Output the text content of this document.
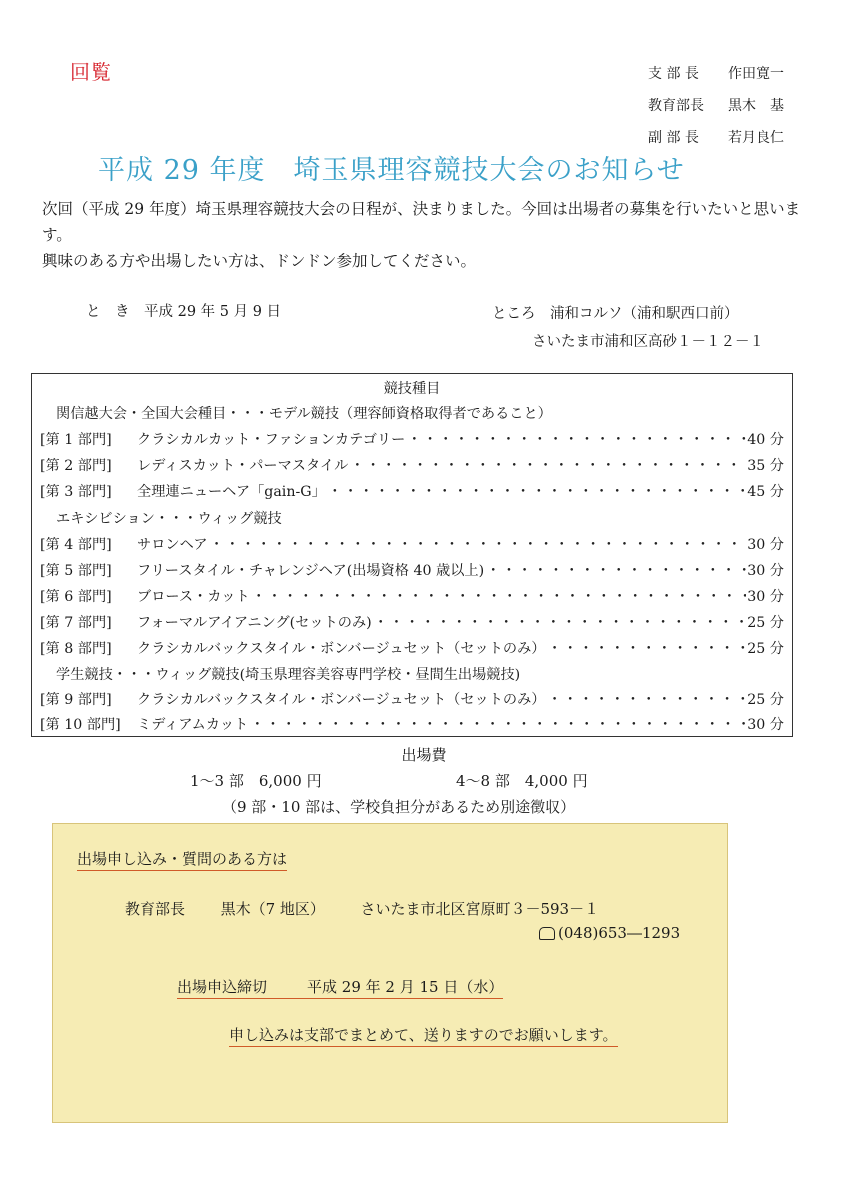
回覧	支 部 長	作田寛一
教育部長	黒木　基
副 部 長	若月良仁
平成 29 年度　埼玉県理容競技大会のお知らせ

次回（平成 29 年度）埼玉県理容競技大会の日程が、決まりました。今回は出場者の募集を行いたいと思います。

興味のある方や出場したい方は、ドンドン参加してください。

と　き　 平成 29 年 5 月 9 日	ところ　 浦和コルソ（浦和駅西口前）
さいたま市浦和区高砂１－１２－１
競技種目
関信越大会・全国大会種目・・・モデル競技（理容師資格取得者であること）
[第 1 部門]	クラシカルカット・ファションカテゴリー ・・・・・・・・・・・・・・・・・・・・・・・・・・・・・・・・・・・・・・・・・・・・・・・・・・・・・・・・	40 分
[第 2 部門]	レディスカット・パーマスタイル ・・・・・・・・・・・・・・・・・・・・・・・・・・・・・・・・・・・・・・・・・・・・・・・・・・・・・・・・	35 分
[第 3 部門]	全理連ニューヘア「gain-G」 ・・・・・・・・・・・・・・・・・・・・・・・・・・・・・・・・・・・・・・・・・・・・・・・・・・・・・・・・	45 分
エキシビション・・・ウィッグ競技
[第 4 部門]	サロンヘア ・・・・・・・・・・・・・・・・・・・・・・・・・・・・・・・・・・・・・・・・・・・・・・・・・・・・・・・・	30 分
[第 5 部門]	フリースタイル・チャレンジヘア(出場資格 40 歳以上) ・・・・・・・・・・・・・・・・・・・・・・・・・・・・・・・・・・・・・・・・・・・・・・・・・・・・・・・・	30 分
[第 6 部門]	ブロース・カット ・・・・・・・・・・・・・・・・・・・・・・・・・・・・・・・・・・・・・・・・・・・・・・・・・・・・・・・・	30 分
[第 7 部門]	フォーマルアイアニング(セットのみ) ・・・・・・・・・・・・・・・・・・・・・・・・・・・・・・・・・・・・・・・・・・・・・・・・・・・・・・・・	25 分
[第 8 部門]	クラシカルバックスタイル・ボンバージュセット（セットのみ） ・・・・・・・・・・・・・・・・・・・・・・・・・・・・・・・・・・・・・・・・・・・・・・・・・・・・・・・・	25 分
学生競技・・・ウィッグ競技(埼玉県理容美容専門学校・昼間生出場競技)
[第 9 部門]	クラシカルバックスタイル・ボンバージュセット（セットのみ） ・・・・・・・・・・・・・・・・・・・・・・・・・・・・・・・・・・・・・・・・・・・・・・・・・・・・・・・・	25 分
[第 10 部門]	ミディアムカット ・・・・・・・・・・・・・・・・・・・・・・・・・・・・・・・・・・・・・・・・・・・・・・・・・・・・・・・・	30 分
出場費
1～3 部　6,000 円	4～8 部　4,000 円
（9 部・10 部は、学校負担分があるため別途徴収）
出場申し込み・質問のある方は
教育部長 黒木（7 地区） さいたま市北区宮原町３－593－１
(048)653―1293
出場申込締切	平成 29 年 2 月 15 日（水）
申し込みは支部でまとめて、送りますのでお願いします。
